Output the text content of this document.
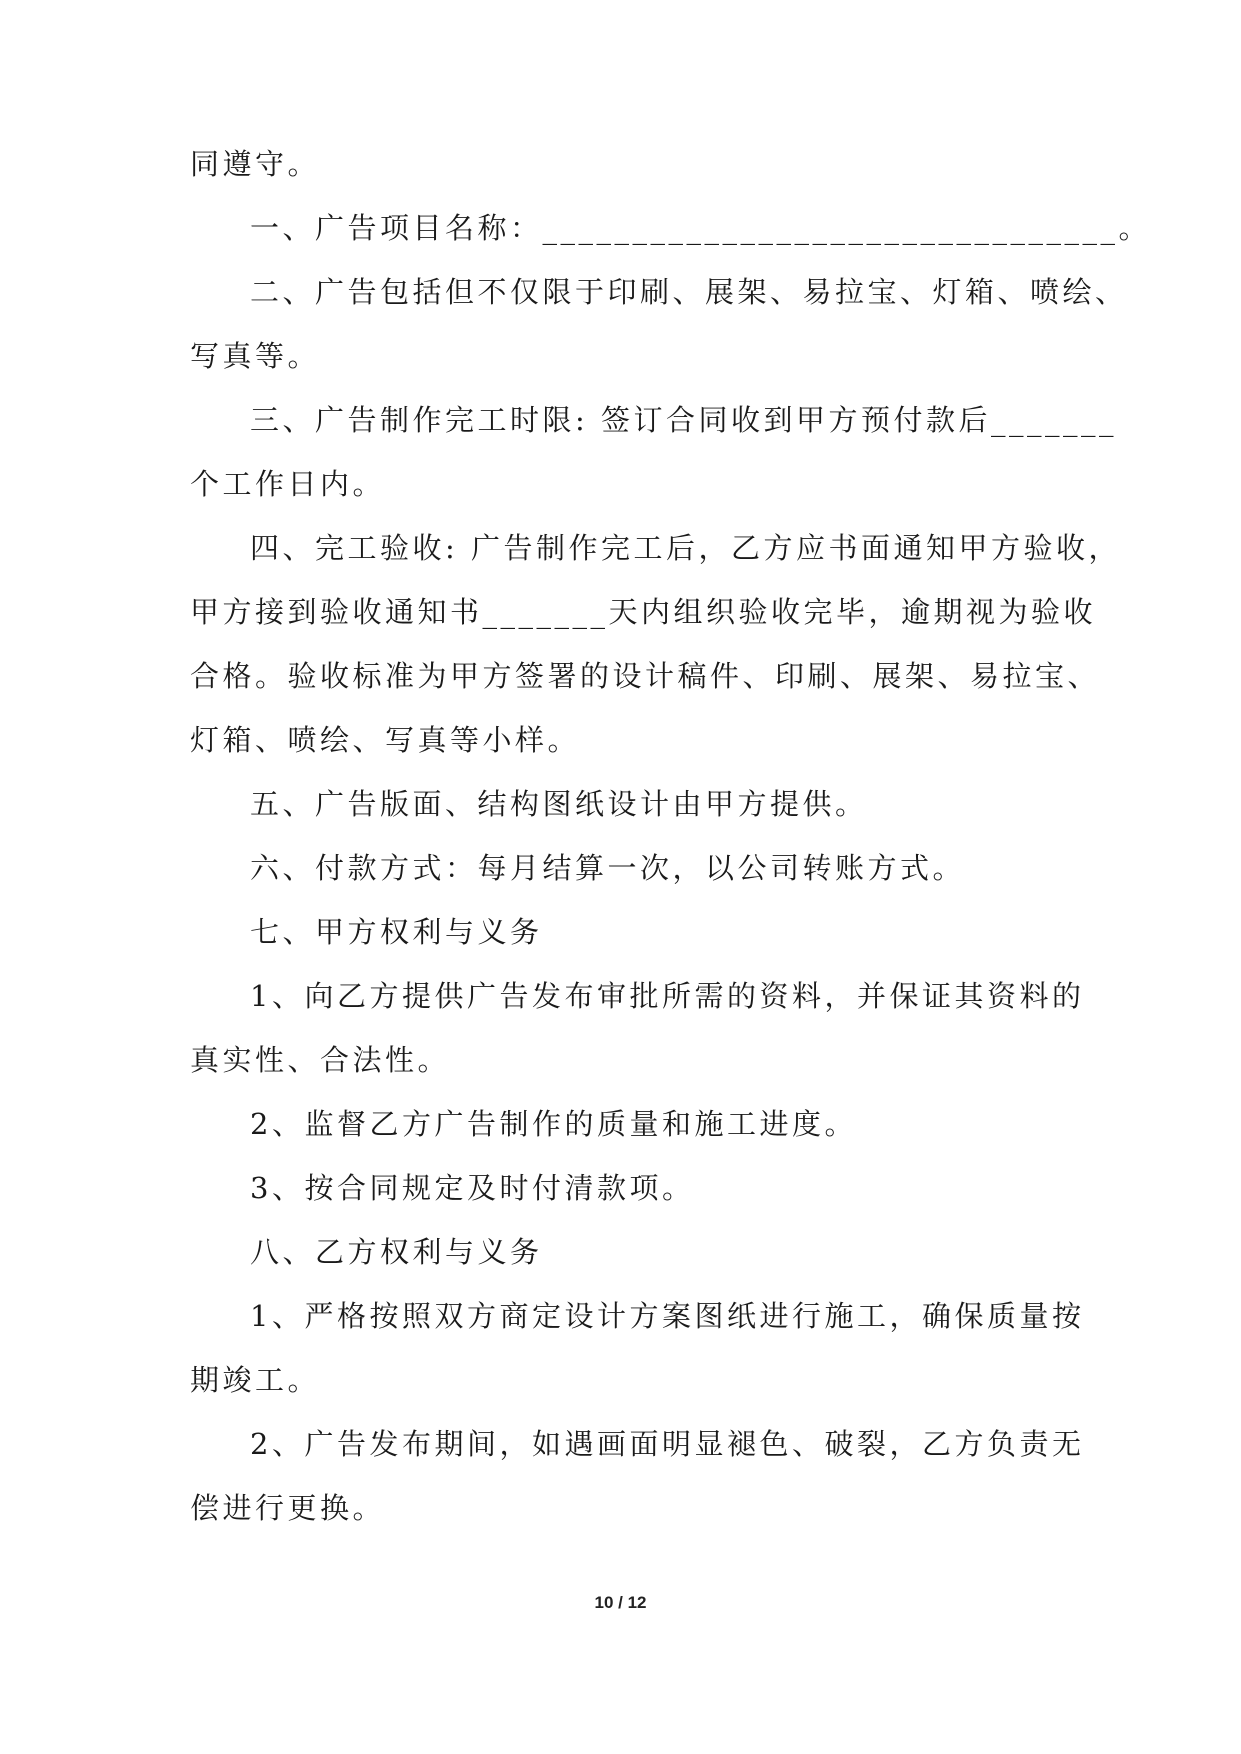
同遵守。
一、广告项目名称：________________________________。
二、广告包括但不仅限于印刷、展架、易拉宝、灯箱、喷绘、
写真等。
三、广告制作完工时限: 签订合同收到甲方预付款后_______
个工作日内。
四、完工验收: 广告制作完工后，乙方应书面通知甲方验收，
甲方接到验收通知书_______天内组织验收完毕，逾期视为验收
合格。验收标准为甲方签署的设计稿件、印刷、展架、易拉宝、
灯箱、喷绘、写真等小样。
五、广告版面、结构图纸设计由甲方提供。
六、付款方式：每月结算一次，以公司转账方式。
七、甲方权利与义务
1、向乙方提供广告发布审批所需的资料，并保证其资料的
真实性、合法性。
2、监督乙方广告制作的质量和施工进度。
3、按合同规定及时付清款项。
八、乙方权利与义务
1、严格按照双方商定设计方案图纸进行施工，确保质量按
期竣工。
2、广告发布期间，如遇画面明显褪色、破裂，乙方负责无
偿进行更换。
10 / 12
